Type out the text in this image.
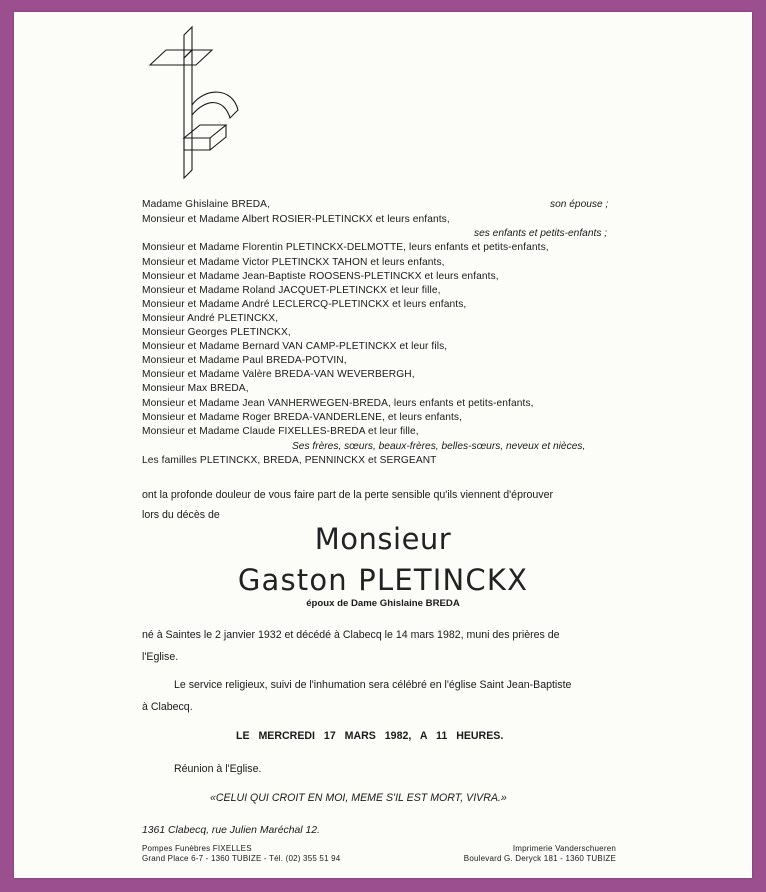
Madame Ghislaine BREDA,	son épouse ;
Monsieur et Madame Albert ROSIER-PLETINCKX et leurs enfants,
ses enfants et petits-enfants ;
Monsieur et Madame Florentin PLETINCKX-DELMOTTE, leurs enfants et petits-enfants,
Monsieur et Madame Victor PLETINCKX TAHON et leurs enfants,
Monsieur et Madame Jean-Baptiste ROOSENS-PLETINCKX et leurs enfants,
Monsieur et Madame Roland JACQUET-PLETINCKX et leur fille,
Monsieur et Madame André LECLERCQ-PLETINCKX et leurs enfants,
Monsieur André PLETINCKX,
Monsieur Georges PLETINCKX,
Monsieur et Madame Bernard VAN CAMP-PLETINCKX et leur fils,
Monsieur et Madame Paul BREDA-POTVIN,
Monsieur et Madame Valère BREDA-VAN WEVERBERGH,
Monsieur Max BREDA,
Monsieur et Madame Jean VANHERWEGEN-BREDA, leurs enfants et petits-enfants,
Monsieur et Madame Roger BREDA-VANDERLENE, et leurs enfants,
Monsieur et Madame Claude FIXELLES-BREDA et leur fille,
Ses frères, sœurs, beaux-frères, belles-sœurs, neveux et nièces,
Les familles PLETINCKX, BREDA, PENNINCKX et SERGEANT
ont la profonde douleur de vous faire part de la perte sensible qu'ils viennent d'éprouver
lors du décès de
Monsieur
Gaston PLETINCKX
époux de Dame Ghislaine BREDA
né à Saintes le 2 janvier 1932 et décédé à Clabecq le 14 mars 1982, muni des prières de
l'Eglise.
Le service religieux, suivi de l'inhumation sera célébré en l'église Saint Jean-Baptiste
à Clabecq.
LE MERCREDI 17 MARS 1982, A 11 HEURES.
Réunion à l'Eglise.
«CELUI QUI CROIT EN MOI, MEME S'IL EST MORT, VIVRA.»
1361 Clabecq, rue Julien Maréchal 12.
Pompes Funèbres FIXELLES
Grand Place 6-7 - 1360 TUBIZE - Tél. (02) 355 51 94
Imprimerie Vanderschueren
Boulevard G. Deryck 181 - 1360 TUBIZE
